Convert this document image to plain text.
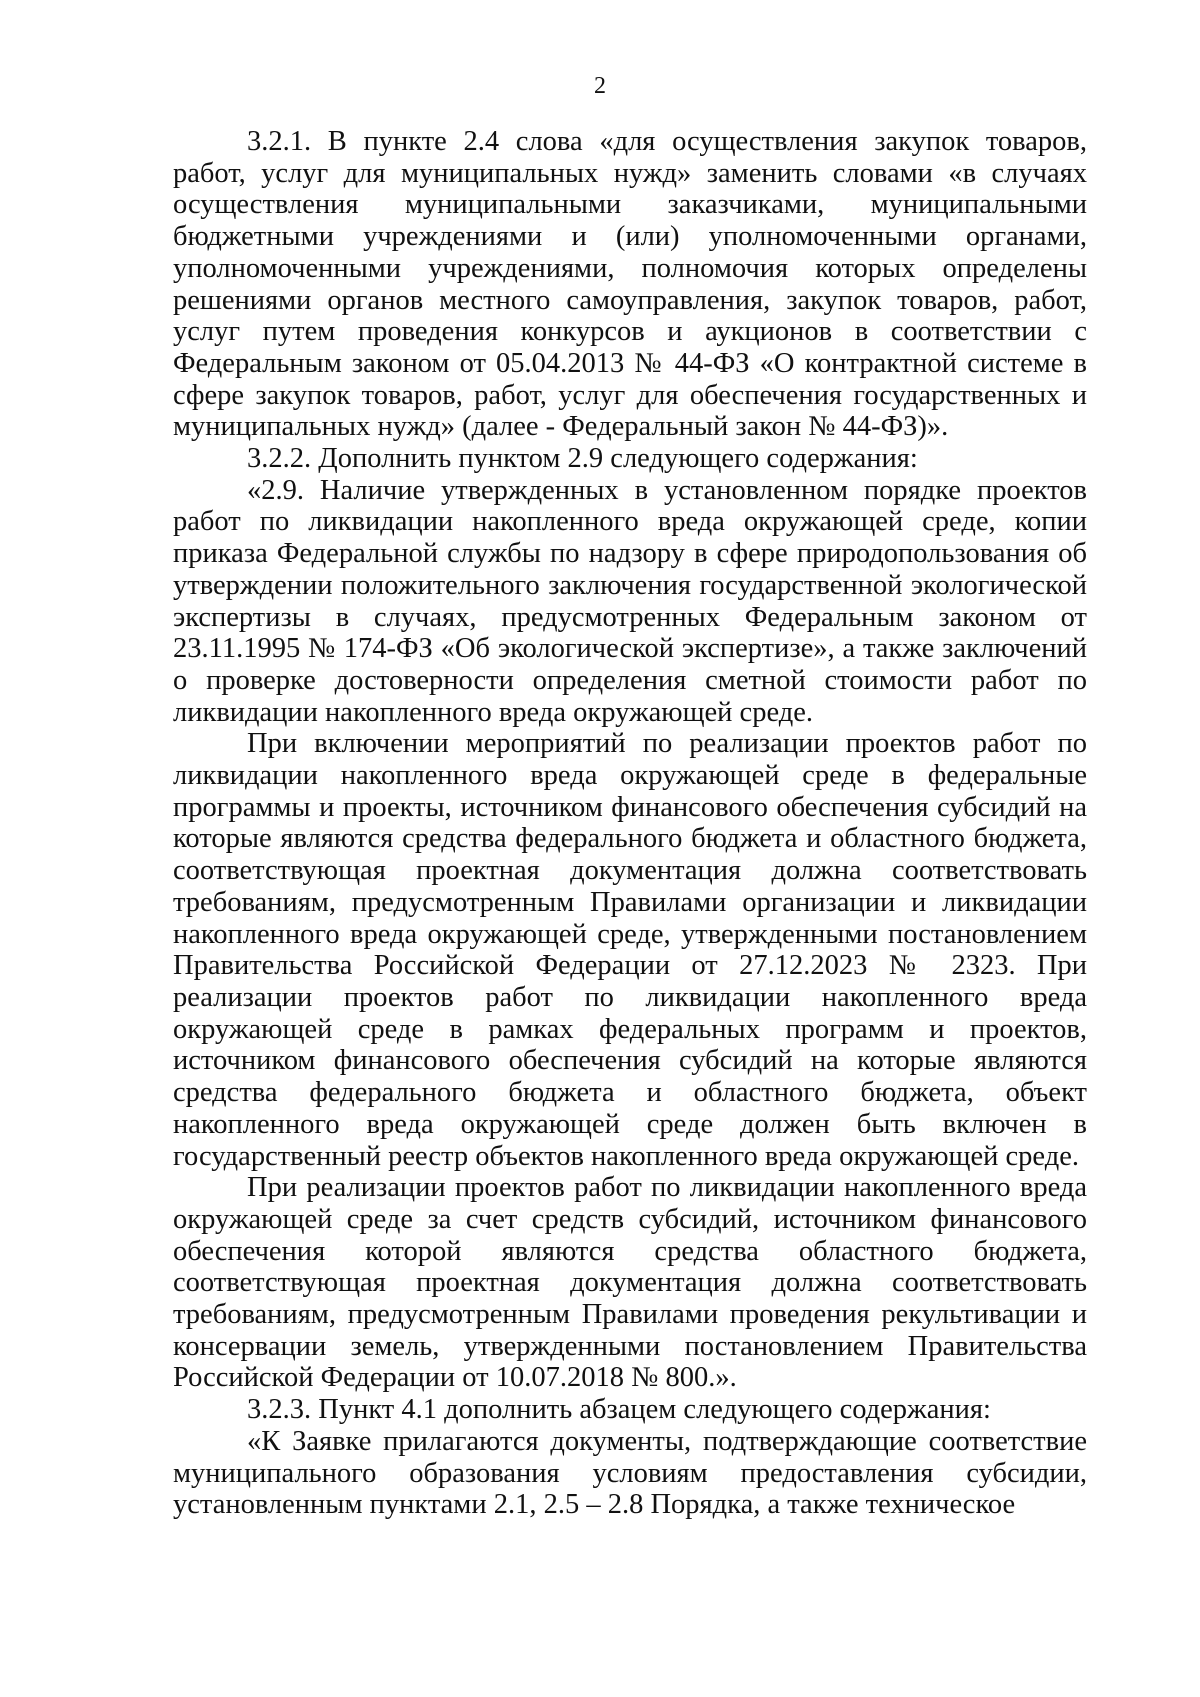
2

3.2.1. В пункте 2.4 слова «для осуществления закупок товаров, работ, услуг для муниципальных нужд» заменить словами «в случаях осуществления муниципальными заказчиками, муниципальными бюджетными учреждениями и (или) уполномоченными органами, уполномоченными учреждениями, полномочия которых определены решениями органов местного самоуправления, закупок товаров, работ, услуг путем проведения конкурсов и аукционов в соответствии с Федеральным законом от 05.04.2013 № 44-ФЗ «О контрактной системе в сфере закупок товаров, работ, услуг для обеспечения государственных и муниципальных нужд» (далее - Федеральный закон № 44-ФЗ)».

3.2.2. Дополнить пунктом 2.9 следующего содержания:

«2.9. Наличие утвержденных в установленном порядке проектов работ по ликвидации накопленного вреда окружающей среде, копии приказа Федеральной службы по надзору в сфере природопользования об утверждении положительного заключения государственной экологической экспертизы в случаях, предусмотренных Федеральным законом от 23.11.1995 № 174-ФЗ «Об экологической экспертизе», а также заключений о проверке достоверности определения сметной стоимости работ по ликвидации накопленного вреда окружающей среде.

При включении мероприятий по реализации проектов работ по ликвидации накопленного вреда окружающей среде в федеральные программы и проекты, источником финансового обеспечения субсидий на которые являются средства федерального бюджета и областного бюджета, соответствующая проектная документация должна соответствовать требованиям, предусмотренным Правилами организации и ликвидации накопленного вреда окружающей среде, утвержденными постановлением Правительства Российской Федерации от 27.12.2023 № 2323. При реализации проектов работ по ликвидации накопленного вреда окружающей среде в рамках федеральных программ и проектов, источником финансового обеспечения субсидий на которые являются средства федерального бюджета и областного бюджета, объект накопленного вреда окружающей среде должен быть включен в государственный реестр объектов накопленного вреда окружающей среде.

При реализации проектов работ по ликвидации накопленного вреда окружающей среде за счет средств субсидий, источником финансового обеспечения которой являются средства областного бюджета, соответствующая проектная документация должна соответствовать требованиям, предусмотренным Правилами проведения рекультивации и консервации земель, утвержденными постановлением Правительства Российской Федерации от 10.07.2018 № 800.».

3.2.3. Пункт 4.1 дополнить абзацем следующего содержания:

«К Заявке прилагаются документы, подтверждающие соответствие муниципального образования условиям предоставления субсидии, установленным пунктами 2.1, 2.5 – 2.8 Порядка, а также техническое
